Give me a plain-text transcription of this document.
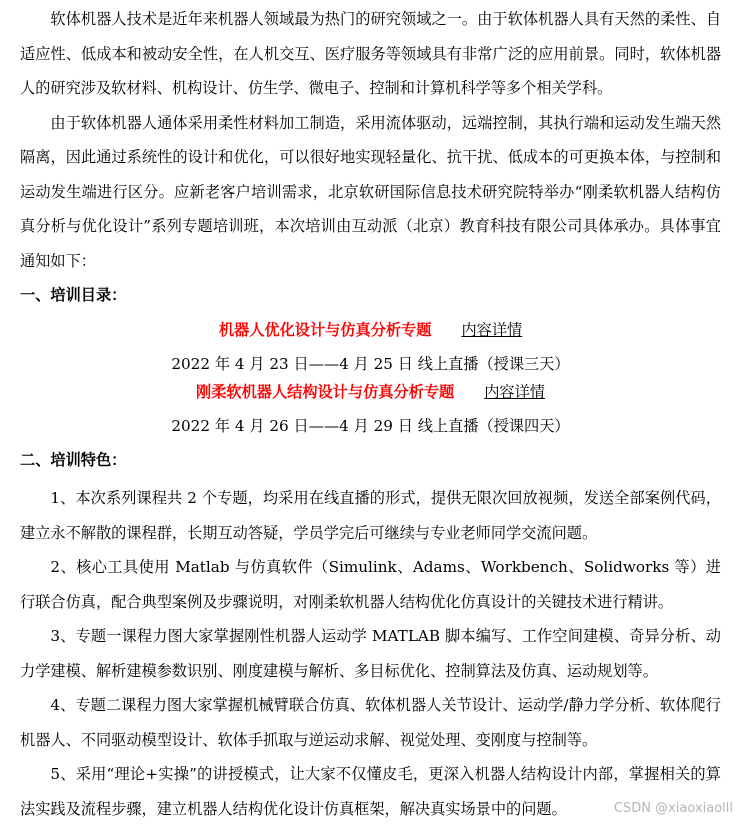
软体机器人技术是近年来机器人领域最为热门的研究领域之一。由于软体机器人具有天然的柔性、自适应性、低成本和被动安全性，在人机交互、医疗服务等领域具有非常广泛的应用前景。同时，软体机器人的研究涉及软材料、机构设计、仿生学、微电子、控制和计算机科学等多个相关学科。

由于软体机器人通体采用柔性材料加工制造，采用流体驱动，远端控制，其执行端和运动发生端天然隔离，因此通过系统性的设计和优化，可以很好地实现轻量化、抗干扰、低成本的可更换本体，与控制和运动发生端进行区分。应新老客户培训需求，北京软研国际信息技术研究院特举办“刚柔软机器人结构仿真分析与优化设计”系列专题培训班，本次培训由互动派（北京）教育科技有限公司具体承办。具体事宜通知如下：

一、培训目录：
机器人优化设计与仿真分析专题 内容详情
2022 年 4 月 23 日——4 月 25 日 线上直播（授课三天）
刚柔软机器人结构设计与仿真分析专题 内容详情
2022 年 4 月 26 日——4 月 29 日 线上直播（授课四天）
二、培训特色：

1、本次系列课程共 2 个专题，均采用在线直播的形式，提供无限次回放视频，发送全部案例代码，建立永不解散的课程群，长期互动答疑，学员学完后可继续与专业老师同学交流问题。

2、核心工具使用 Matlab 与仿真软件（Simulink、Adams、Workbench、Solidworks 等）进行联合仿真，配合典型案例及步骤说明，对刚柔软机器人结构优化仿真设计的关键技术进行精讲。

3、专题一课程力图大家掌握刚性机器人运动学 MATLAB 脚本编写、工作空间建模、奇异分析、动力学建模、解析建模参数识别、刚度建模与解析、多目标优化、控制算法及仿真、运动规划等。

4、专题二课程力图大家掌握机械臂联合仿真、软体机器人关节设计、运动学/静力学分析、软体爬行机器人、不同驱动模型设计、软体手抓取与逆运动求解、视觉处理、变刚度与控制等。

5、采用“理论+实操”的讲授模式，让大家不仅懂皮毛，更深入机器人结构设计内部，掌握相关的算法实践及流程步骤，建立机器人结构优化设计仿真框架，解决真实场景中的问题。	CSDN @xiaoxiaolll
